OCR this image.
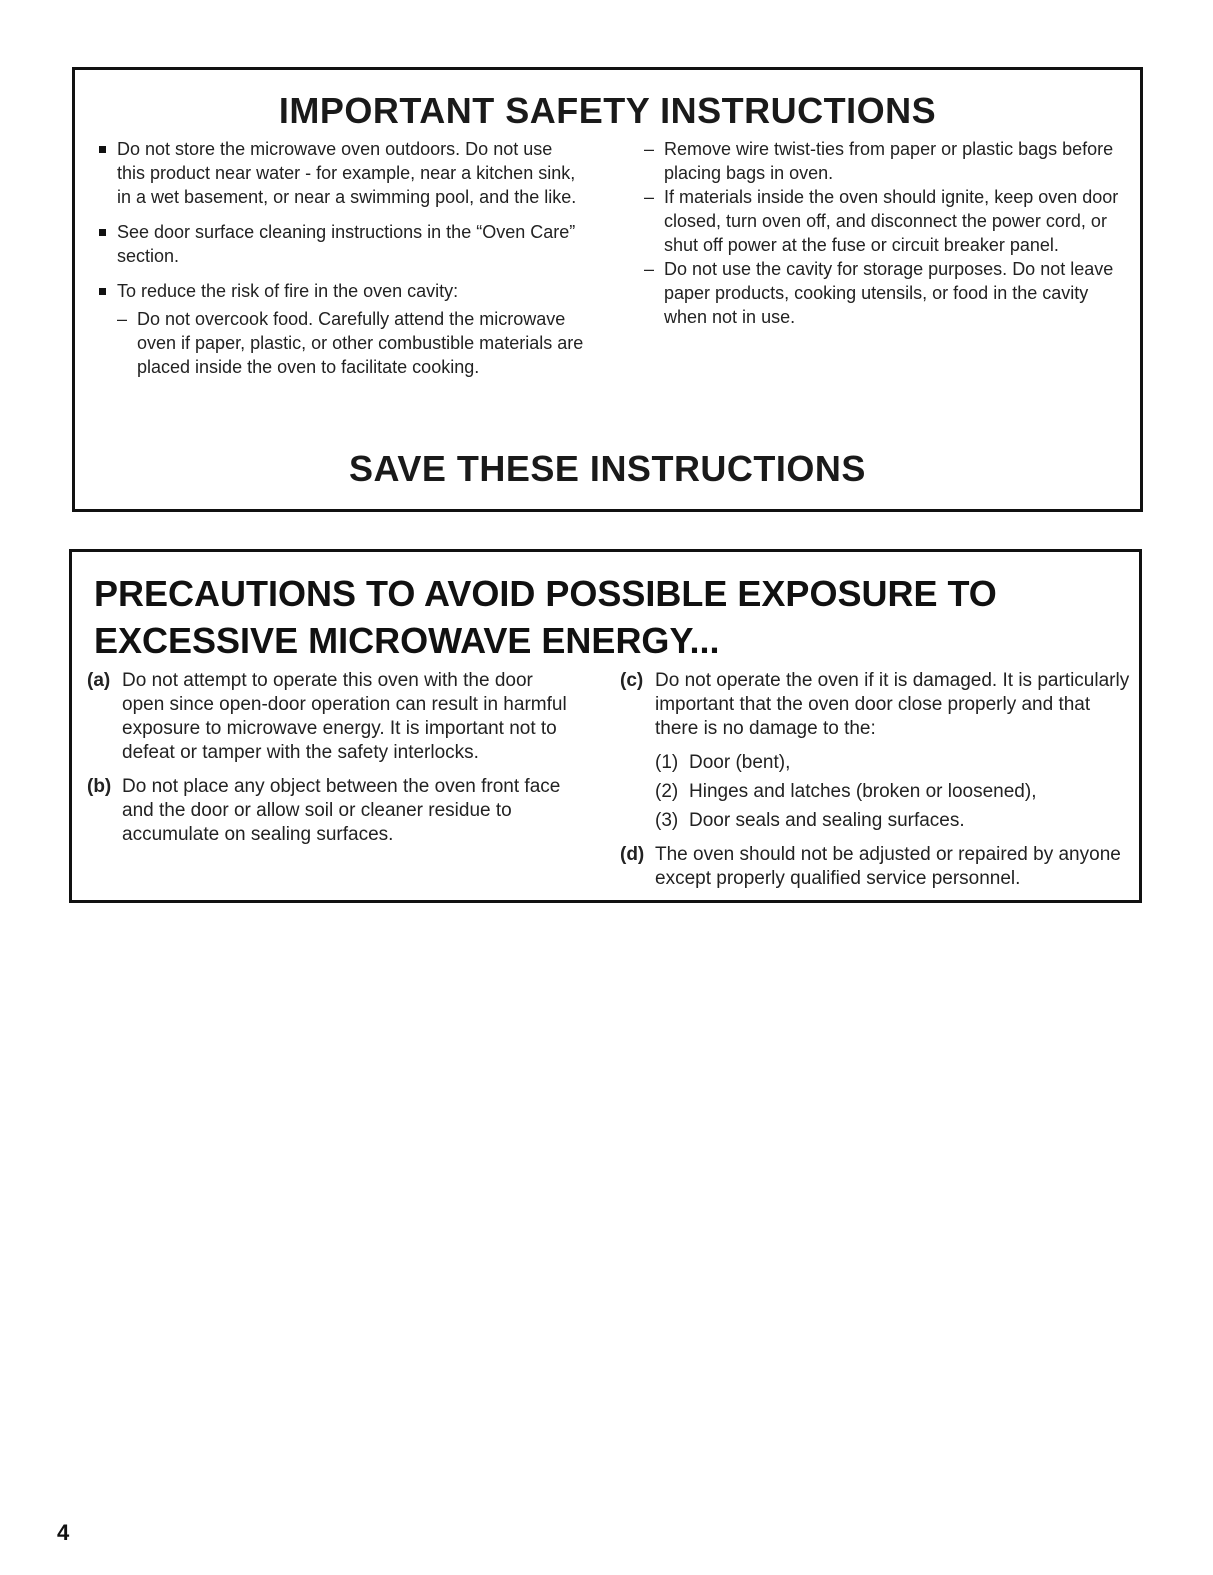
IMPORTANT SAFETY INSTRUCTIONS
Do not store the microwave oven outdoors. Do not use this product near water - for example, near a kitchen sink, in a wet basement, or near a swimming pool, and the like.
See door surface cleaning instructions in the “Oven Care” section.
To reduce the risk of fire in the oven cavity:
– Do not overcook food. Carefully attend the microwave oven if paper, plastic, or other combustible materials are placed inside the oven to facilitate cooking.
– Remove wire twist-ties from paper or plastic bags before placing bags in oven.
– If materials inside the oven should ignite, keep oven door closed, turn oven off, and disconnect the power cord, or shut off power at the fuse or circuit breaker panel.
– Do not use the cavity for storage purposes. Do not leave paper products, cooking utensils, or food in the cavity when not in use.
SAVE THESE INSTRUCTIONS
PRECAUTIONS TO AVOID POSSIBLE EXPOSURE TO EXCESSIVE MICROWAVE ENERGY...
(a) Do not attempt to operate this oven with the door open since open-door operation can result in harmful exposure to microwave energy. It is important not to defeat or tamper with the safety interlocks.
(b) Do not place any object between the oven front face and the door or allow soil or cleaner residue to accumulate on sealing surfaces.
(c) Do not operate the oven if it is damaged. It is particularly important that the oven door close properly and that there is no damage to the:
(1) Door (bent),
(2) Hinges and latches (broken or loosened),
(3) Door seals and sealing surfaces.
(d) The oven should not be adjusted or repaired by anyone except properly qualified service personnel.
4
